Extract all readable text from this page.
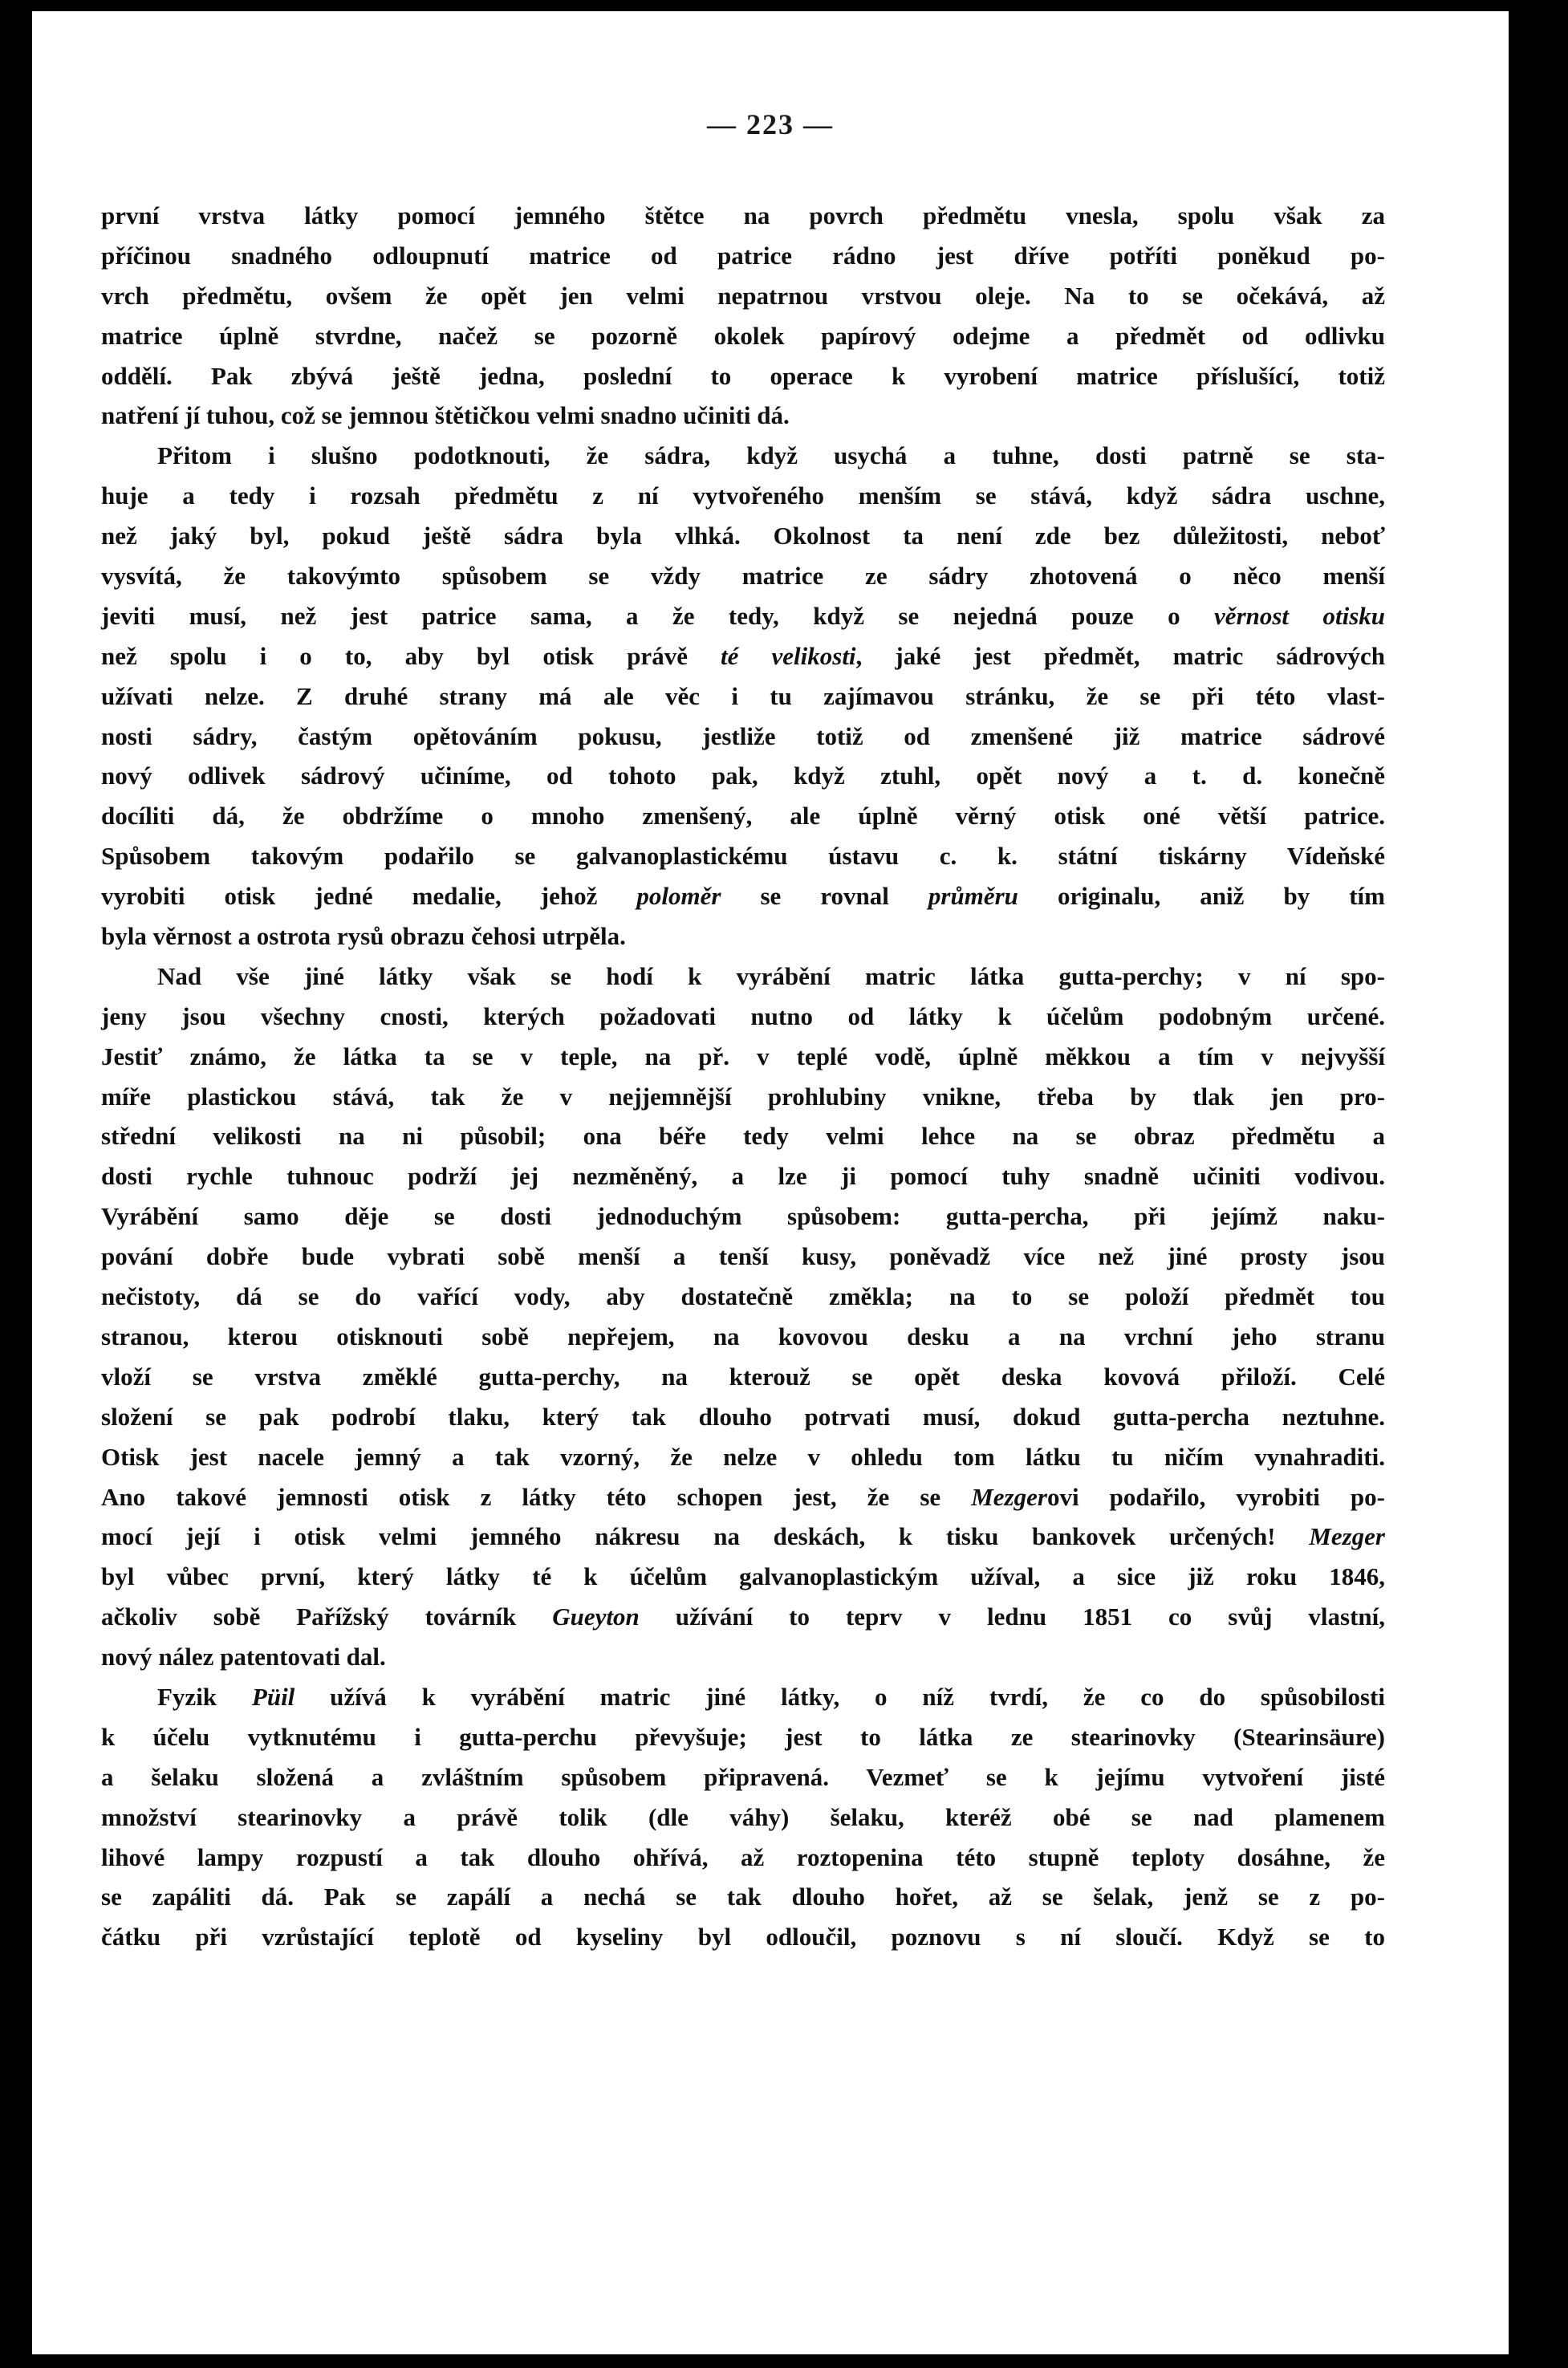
— 223 —
první vrstva látky pomocí jemného štětce na povrch předmětu vnesla, spolu však za
příčinou snadného odloupnutí matrice od patrice rádno jest dříve potříti poněkud po-
vrch předmětu, ovšem že opět jen velmi nepatrnou vrstvou oleje. Na to se očekává, až
matrice úplně stvrdne, načež se pozorně okolek papírový odejme a předmět od odlivku
oddělí. Pak zbývá ještě jedna, poslední to operace k vyrobení matrice příslušící, totiž
natření jí tuhou, což se jemnou štětičkou velmi snadno učiniti dá.
Přitom i slušno podotknouti, že sádra, když usychá a tuhne, dosti patrně se sta-
huje a tedy i rozsah předmětu z ní vytvořeného menším se stává, když sádra uschne,
než jaký byl, pokud ještě sádra byla vlhká. Okolnost ta není zde bez důležitosti, neboť
vysvítá, že takovýmto spůsobem se vždy matrice ze sádry zhotovená o něco menší
jeviti musí, než jest patrice sama, a že tedy, když se nejedná pouze o věrnost otisku
než spolu i o to, aby byl otisk právě té velikosti, jaké jest předmět, matric sádrových
užívati nelze. Z druhé strany má ale věc i tu zajímavou stránku, že se při této vlast-
nosti sádry, častým opětováním pokusu, jestliže totiž od zmenšené již matrice sádrové
nový odlivek sádrový učiníme, od tohoto pak, když ztuhl, opět nový a t. d. konečně
docíliti dá, že obdržíme o mnoho zmenšený, ale úplně věrný otisk oné větší patrice.
Spůsobem takovým podařilo se galvanoplastickému ústavu c. k. státní tiskárny Vídeňské
vyrobiti otisk jedné medalie, jehož poloměr se rovnal průměru originalu, aniž by tím
byla věrnost a ostrota rysů obrazu čehosi utrpěla.
Nad vše jiné látky však se hodí k vyrábění matric látka gutta-perchy; v ní spo-
jeny jsou všechny cnosti, kterých požadovati nutno od látky k účelům podobným určené.
Jestiť známo, že látka ta se v teple, na př. v teplé vodě, úplně měkkou a tím v nejvyšší
míře plastickou stává, tak že v nejjemnější prohlubiny vnikne, třeba by tlak jen pro-
střední velikosti na ni působil; ona béře tedy velmi lehce na se obraz předmětu a
dosti rychle tuhnouc podrží jej nezměněný, a lze ji pomocí tuhy snadně učiniti vodivou.
Vyrábění samo děje se dosti jednoduchým spůsobem: gutta-percha, při jejímž naku-
pování dobře bude vybrati sobě menší a tenší kusy, poněvadž více než jiné prosty jsou
nečistoty, dá se do vařící vody, aby dostatečně změkla; na to se položí předmět tou
stranou, kterou otisknouti sobě nepřejem, na kovovou desku a na vrchní jeho stranu
vloží se vrstva změklé gutta-perchy, na kterouž se opět deska kovová přiloží. Celé
složení se pak podrobí tlaku, který tak dlouho potrvati musí, dokud gutta-percha neztuhne.
Otisk jest nacele jemný a tak vzorný, že nelze v ohledu tom látku tu ničím vynahraditi.
Ano takové jemnosti otisk z látky této schopen jest, že se Mezgerovi podařilo, vyrobiti po-
mocí její i otisk velmi jemného nákresu na deskách, k tisku bankovek určených! Mezger
byl vůbec první, který látky té k účelům galvanoplastickým užíval, a sice již roku 1846,
ačkoliv sobě Pařížský továrník Gueyton užívání to teprv v lednu 1851 co svůj vlastní,
nový nález patentovati dal.
Fyzik Püil užívá k vyrábění matric jiné látky, o níž tvrdí, že co do spůsobilosti
k účelu vytknutému i gutta-perchu převyšuje; jest to látka ze stearinovky (Stearinsäure)
a šelaku složená a zvláštním spůsobem připravená. Vezmeť se k jejímu vytvoření jisté
množství stearinovky a právě tolik (dle váhy) šelaku, kteréž obé se nad plamenem
lihové lampy rozpustí a tak dlouho ohřívá, až roztopenina této stupně teploty dosáhne, že
se zapáliti dá. Pak se zapálí a nechá se tak dlouho hořet, až se šelak, jenž se z po-
čátku při vzrůstající teplotě od kyseliny byl odloučil, poznovu s ní sloučí. Když se to
